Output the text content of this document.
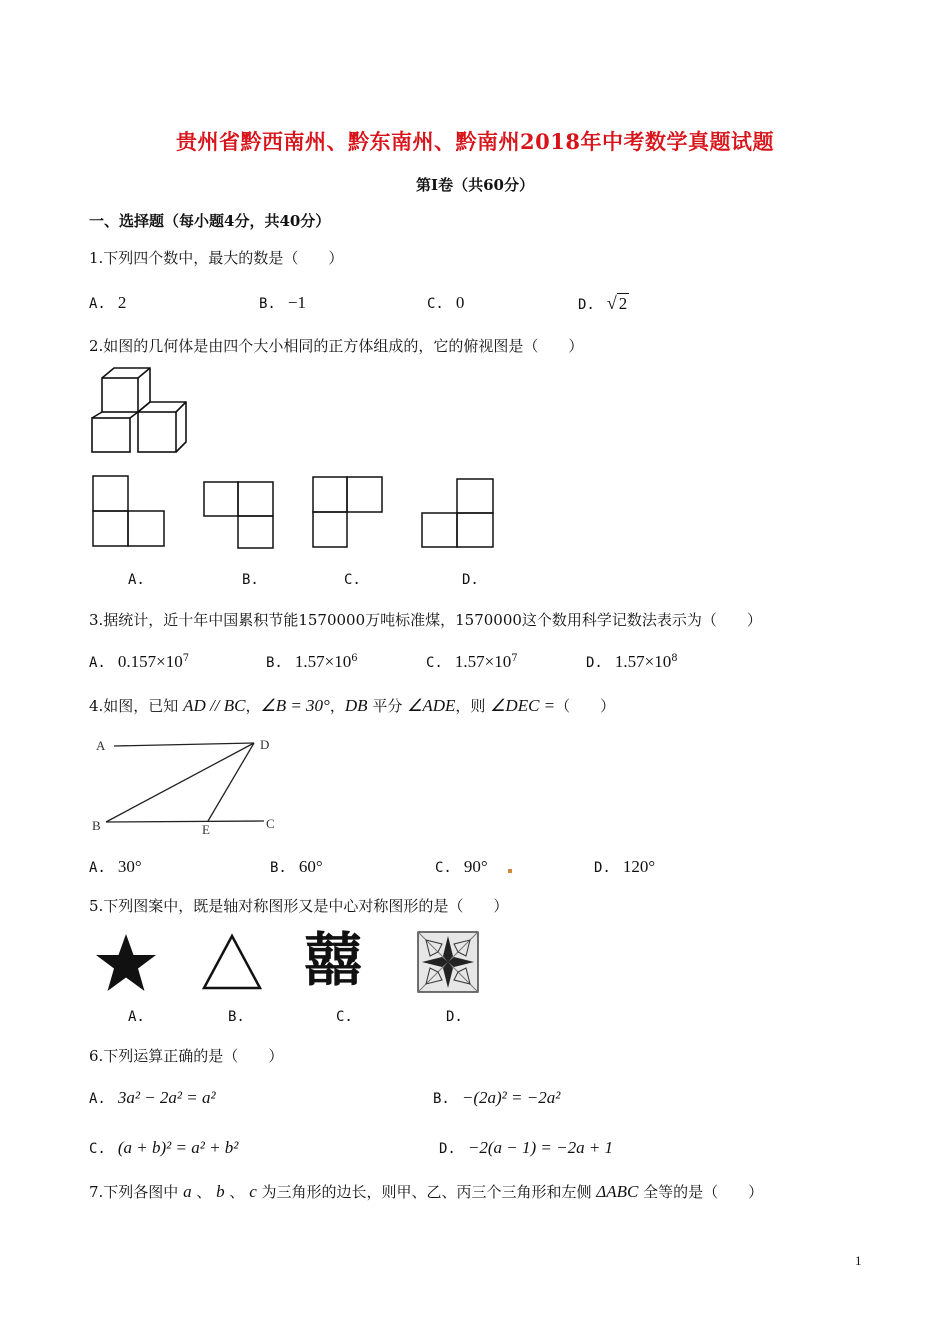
贵州省黔西南州、黔东南州、黔南州2018年中考数学真题试题
第Ⅰ卷（共60分）
一、选择题（每小题4分，共40分）
1.下列四个数中，最大的数是（　　）
A. 2	B. −1	C. 0	D. √ 2
2.如图的几何体是由四个大小相同的正方体组成的，它的俯视图是（　　）
A.	B.	C.	D.
3.据统计，近十年中国累积节能1570000万吨标准煤，1570000这个数用科学记数法表示为（　　）
A. $0.157\times 10^7$	B. $1.57\times 10^6$	C. $1.57\times 10^7$	D. $1.57\times 10^8$
4.如图，已知 AD // BC，∠B = 30°，DB 平分 ∠ADE，则 ∠DEC =（　　）
A	D
B	E	C
A. 30°	B. 60°	C. 90°	D. 120°
5.下列图案中，既是轴对称图形又是中心对称图形的是（　　）
囍
A.	B.	C.	D.
6.下列运算正确的是（　　）
A. 3a² − 2a² = a²	B. −(2a)² = −2a²
C. (a + b)² = a² + b²	D. −2(a − 1) = −2a + 1
7.下列各图中 a 、 b 、 c 为三角形的边长，则甲、乙、丙三个三角形和左侧 ΔABC 全等的是（　　）
1
